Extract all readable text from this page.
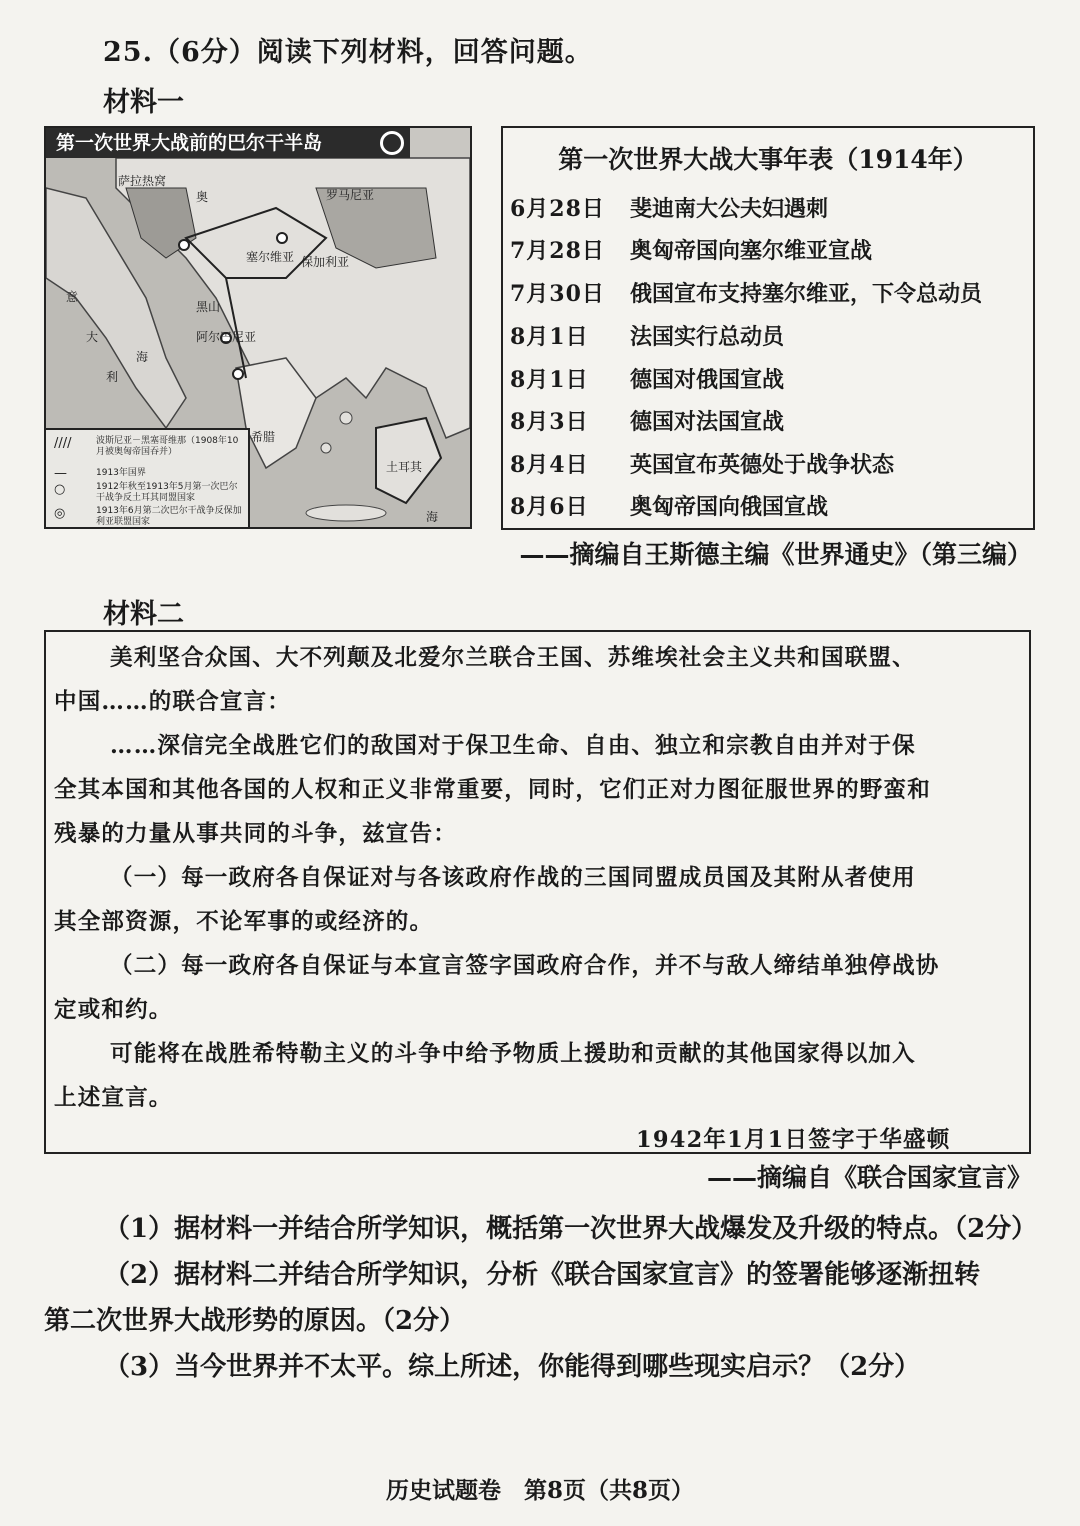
25.（6分）阅读下列材料，回答问题。
材料一
第一次世界大战前的巴尔干半岛
萨拉热窝
罗马尼亚
塞尔维亚 保加利亚
黑山
阿尔巴尼亚
希腊
土耳其
奥
意
大
利
海
海
////	波斯尼亚－黑塞哥维那（1908年10月被奥匈帝国吞并）
—	1913年国界
○	1912年秋至1913年5月第一次巴尔干战争反土耳其同盟国家
◎	1913年6月第二次巴尔干战争反保加利亚联盟国家
第一次世界大战大事年表（1914年）
6月28日 斐迪南大公夫妇遇刺
7月28日 奥匈帝国向塞尔维亚宣战
7月30日 俄国宣布支持塞尔维亚，下令总动员
8月1日 法国实行总动员
8月1日 德国对俄国宣战
8月3日 德国对法国宣战
8月4日 英国宣布英德处于战争状态
8月6日 奥匈帝国向俄国宣战
——摘编自王斯德主编《世界通史》（第三编）
材料二
美利坚合众国、大不列颠及北爱尔兰联合王国、苏维埃社会主义共和国联盟、
中国……的联合宣言：
……深信完全战胜它们的敌国对于保卫生命、自由、独立和宗教自由并对于保
全其本国和其他各国的人权和正义非常重要，同时，它们正对力图征服世界的野蛮和
残暴的力量从事共同的斗争，兹宣告：
（一）每一政府各自保证对与各该政府作战的三国同盟成员国及其附从者使用
其全部资源，不论军事的或经济的。
（二）每一政府各自保证与本宣言签字国政府合作，并不与敌人缔结单独停战协
定或和约。
可能将在战胜希特勒主义的斗争中给予物质上援助和贡献的其他国家得以加入
上述宣言。
1942年1月1日签字于华盛顿
——摘编自《联合国家宣言》
（1）据材料一并结合所学知识，概括第一次世界大战爆发及升级的特点。（2分）
（2）据材料二并结合所学知识，分析《联合国家宣言》的签署能够逐渐扭转
第二次世界大战形势的原因。（2分）
（3）当今世界并不太平。综上所述，你能得到哪些现实启示？（2分）
历史试题卷　第8页（共8页）
